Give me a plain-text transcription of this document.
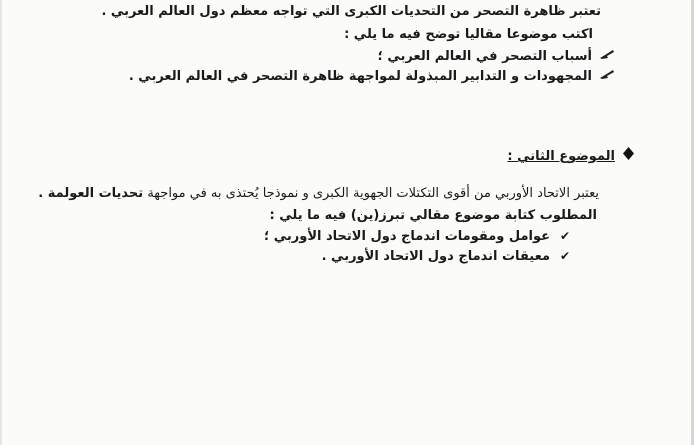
تعتبر ظاهرة التصحر من التحديات الكبرى التي تواجه معظم دول العالم العربي .
اكتب موضوعا مقاليا توضح فيه ما يلي :
أسباب التصحر في العالم العربي ؛
المجهودات و التدابير المبذولة لمواجهة ظاهرة التصحر في العالم العربي .
الموضوع الثاني :
يعتبر الاتحاد الأوربي من أقوى التكتلات الجهوية الكبرى و نموذجا يُحتذى به في مواجهة تحديات العولمة .
المطلوب كتابة موضوع مقالي تبرز(ين) فيه ما يلي :
✔عوامل ومقومات اندماج دول الاتحاد الأوربي ؛
✔معيقات اندماج دول الاتحاد الأوربي .
